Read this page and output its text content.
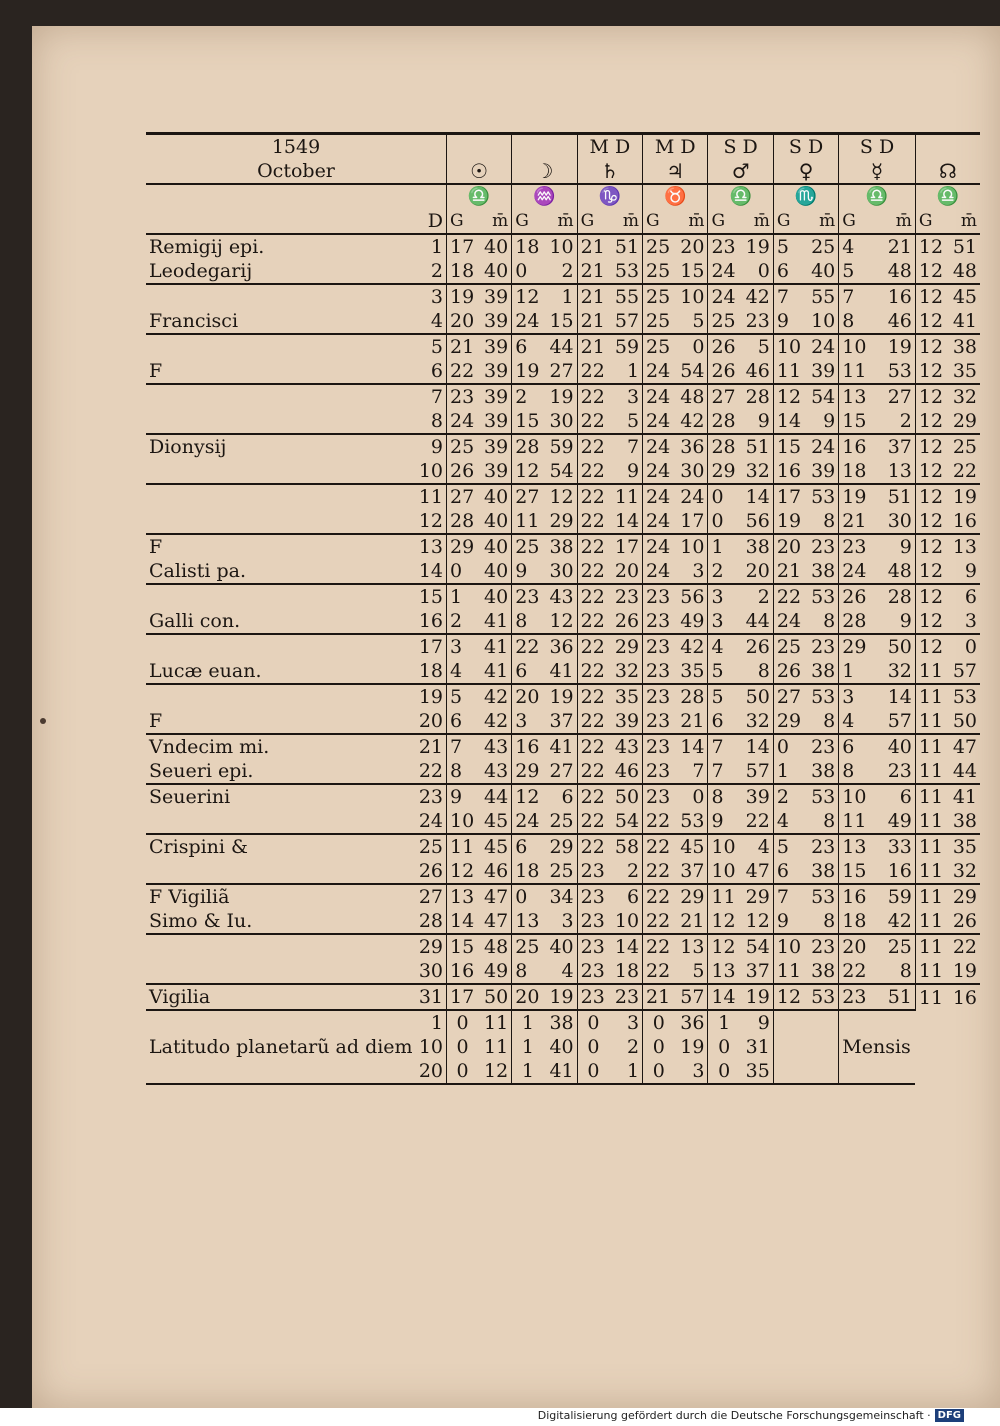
1549
October						M D		M D		S D		S D		S D			
		☉		☽		♄		♃		♂		♀		☿		☊	
		♎		♒		♑		♉		♎		♏		♎		♎	
	D	G	m̄	G	m̄	G	m̄	G	m̄	G	m̄	G	m̄	G	m̄	G	m̄
Remigij epi.	1	17	40	18	10	21	51	25	20	23	19	5	25	4	21	12	51
Leodegarij	2	18	40	0	2	21	53	25	15	24	0	6	40	5	48	12	48
	3	19	39	12	1	21	55	25	10	24	42	7	55	7	16	12	45
Francisci	4	20	39	24	15	21	57	25	5	25	23	9	10	8	46	12	41
	5	21	39	6	44	21	59	25	0	26	5	10	24	10	19	12	38
F	6	22	39	19	27	22	1	24	54	26	46	11	39	11	53	12	35
	7	23	39	2	19	22	3	24	48	27	28	12	54	13	27	12	32
	8	24	39	15	30	22	5	24	42	28	9	14	9	15	2	12	29
Dionysij	9	25	39	28	59	22	7	24	36	28	51	15	24	16	37	12	25
	10	26	39	12	54	22	9	24	30	29	32	16	39	18	13	12	22
	11	27	40	27	12	22	11	24	24	0	14	17	53	19	51	12	19
	12	28	40	11	29	22	14	24	17	0	56	19	8	21	30	12	16
F	13	29	40	25	38	22	17	24	10	1	38	20	23	23	9	12	13
Calisti pa.	14	0	40	9	30	22	20	24	3	2	20	21	38	24	48	12	9
	15	1	40	23	43	22	23	23	56	3	2	22	53	26	28	12	6
Galli con.	16	2	41	8	12	22	26	23	49	3	44	24	8	28	9	12	3
	17	3	41	22	36	22	29	23	42	4	26	25	23	29	50	12	0
Lucæ euan.	18	4	41	6	41	22	32	23	35	5	8	26	38	1	32	11	57
	19	5	42	20	19	22	35	23	28	5	50	27	53	3	14	11	53
F	20	6	42	3	37	22	39	23	21	6	32	29	8	4	57	11	50
Vndecim mi.	21	7	43	16	41	22	43	23	14	7	14	0	23	6	40	11	47
Seueri epi.	22	8	43	29	27	22	46	23	7	7	57	1	38	8	23	11	44
Seuerini	23	9	44	12	6	22	50	23	0	8	39	2	53	10	6	11	41
	24	10	45	24	25	22	54	22	53	9	22	4	8	11	49	11	38
Crispini &	25	11	45	6	29	22	58	22	45	10	4	5	23	13	33	11	35
	26	12	46	18	25	23	2	22	37	10	47	6	38	15	16	11	32
F Vigiliã	27	13	47	0	34	23	6	22	29	11	29	7	53	16	59	11	29
Simo & Iu.	28	14	47	13	3	23	10	22	21	12	12	9	8	18	42	11	26
	29	15	48	25	40	23	14	22	13	12	54	10	23	20	25	11	22
	30	16	49	8	4	23	18	22	5	13	37	11	38	22	8	11	19
Vigilia	31	17	50	20	19	23	23	21	57	14	19	12	53	23	51	11	16
	1	0	11	1	38	0	3	0	36	1	9						
Latitudo planetarũ ad diem	10	0	11	1	40	0	2	0	19	0	31			Mensis			
	20	0	12	1	41	0	1	0	3	0	35						
Digitalisierung gefördert durch die Deutsche Forschungsgemeinschaft · DFG
